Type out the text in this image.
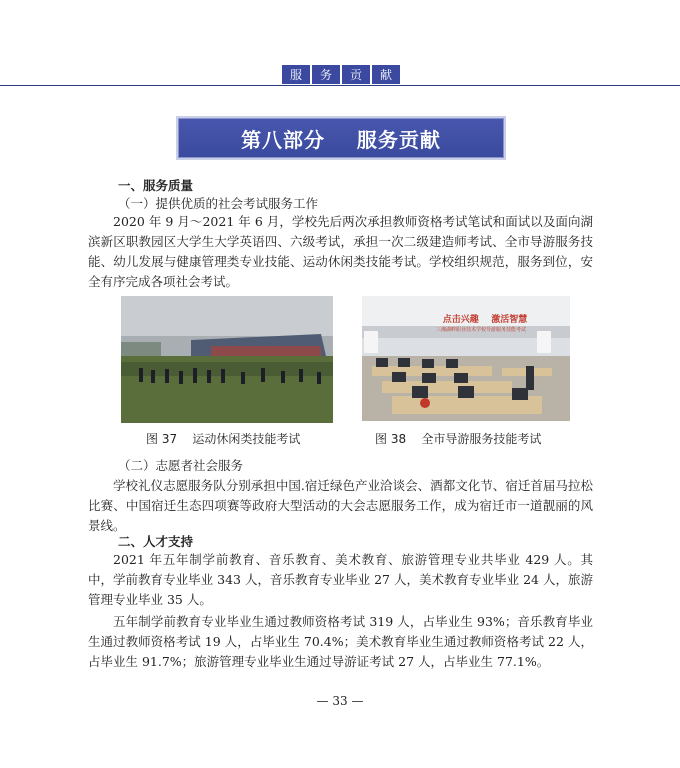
服	务	贡	献
第八部分    服务贡献
一、服务质量
（一）提供优质的社会考试服务工作
2020 年 9 月～2021 年 6 月，学校先后两次承担教师资格考试笔试和面试以及面向湖滨新区职教园区大学生大学英语四、六级考试，承担一次二级建造师考试、全市导游服务技能、幼儿发展与健康管理类专业技能、运动休闲类技能考试。学校组织规范，服务到位，安全有序完成各项社会考试。
图 37    运动休闲类技能考试
点击兴趣    激活智慧
三湘湖畔职业技术学校导游服务技能考试
图 38    全市导游服务技能考试
（二）志愿者社会服务
学校礼仪志愿服务队分别承担中国.宿迁绿色产业洽谈会、酒都文化节、宿迁首届马拉松比赛、中国宿迁生态四项赛等政府大型活动的大会志愿服务工作，成为宿迁市一道靓丽的风景线。
二、人才支持
2021 年五年制学前教育、音乐教育、美术教育、旅游管理专业共毕业 429 人。其中，学前教育专业毕业 343 人，音乐教育专业毕业 27 人，美术教育专业毕业 24 人，旅游管理专业毕业 35 人。
五年制学前教育专业毕业生通过教师资格考试 319 人，占毕业生 93%；音乐教育毕业生通过教师资格考试 19 人，占毕业生 70.4%；美术教育毕业生通过教师资格考试 22 人，占毕业生 91.7%；旅游管理专业毕业生通过导游证考试 27 人，占毕业生 77.1%。
— 33 —
